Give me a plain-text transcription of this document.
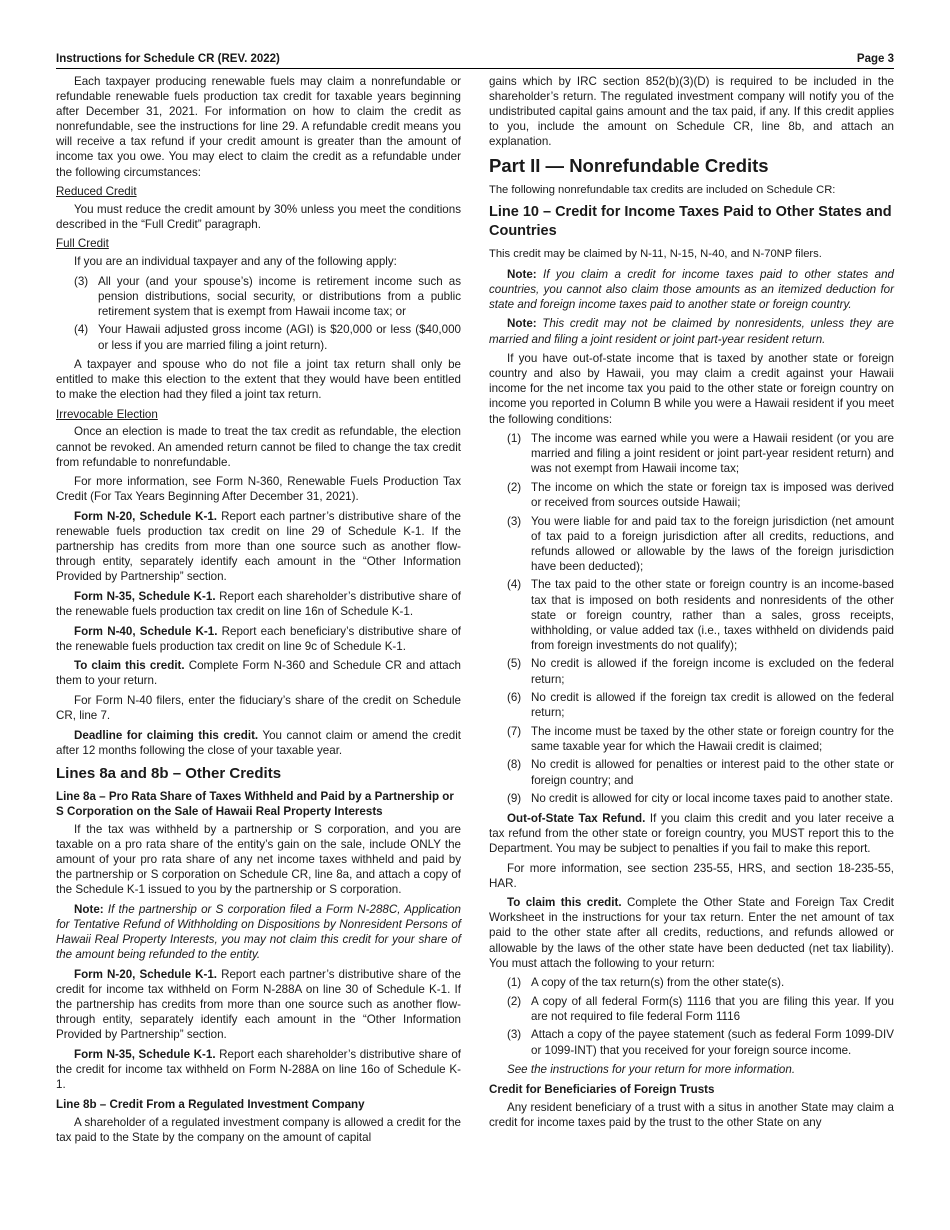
Instructions for Schedule CR (REV. 2022)	Page 3

Each taxpayer producing renewable fuels may claim a nonrefundable or refundable renewable fuels production tax credit for taxable years beginning after December 31, 2021. For information on how to claim the credit as nonrefundable, see the instructions for line 29. A refundable credit means you will receive a tax refund if your credit amount is greater than the amount of income tax you owe. You may elect to claim the credit as a refundable under the following circumstances:

Reduced Credit

You must reduce the credit amount by 30% unless you meet the conditions described in the “Full Credit” paragraph.

Full Credit

If you are an individual taxpayer and any of the following apply:

(3) All your (and your spouse’s) income is retirement income such as pension distributions, social security, or distributions from a public retirement system that is exempt from Hawaii income tax; or
(4) Your Hawaii adjusted gross income (AGI) is $20,000 or less ($40,000 or less if you are married filing a joint return).

A taxpayer and spouse who do not file a joint tax return shall only be entitled to make this election to the extent that they would have been entitled to make the election had they filed a joint tax return.

Irrevocable Election

Once an election is made to treat the tax credit as refundable, the election cannot be revoked. An amended return cannot be filed to change the tax credit from refundable to nonrefundable.

For more information, see Form N-360, Renewable Fuels Production Tax Credit (For Tax Years Beginning After December 31, 2021).

Form N-20, Schedule K-1. Report each partner’s distributive share of the renewable fuels production tax credit on line 29 of Schedule K-1. If the partnership has credits from more than one source such as another flow-through entity, separately identify each amount in the “Other Information Provided by Partnership” section.

Form N-35, Schedule K-1. Report each shareholder’s distributive share of the renewable fuels production tax credit on line 16n of Schedule K-1.

Form N-40, Schedule K-1. Report each beneficiary’s distributive share of the renewable fuels production tax credit on line 9c of Schedule K-1.

To claim this credit. Complete Form N-360 and Schedule CR and attach them to your return.

For Form N-40 filers, enter the fiduciary’s share of the credit on Schedule CR, line 7.

Deadline for claiming this credit. You cannot claim or amend the credit after 12 months following the close of your taxable year.

Lines 8a and 8b – Other Credits
Line 8a – Pro Rata Share of Taxes Withheld and Paid by a Partnership or S Corporation on the Sale of Hawaii Real Property Interests

If the tax was withheld by a partnership or S corporation, and you are taxable on a pro rata share of the entity’s gain on the sale, include ONLY the amount of your pro rata share of any net income taxes withheld and paid by the partnership or S corporation on Schedule CR, line 8a, and attach a copy of the Schedule K-1 issued to you by the partnership or S corporation.

Note: If the partnership or S corporation filed a Form N-288C, Application for Tentative Refund of Withholding on Dispositions by Nonresident Persons of Hawaii Real Property Interests, you may not claim this credit for your share of the amount being refunded to the entity.

Form N-20, Schedule K-1. Report each partner’s distributive share of the credit for income tax withheld on Form N-288A on line 30 of Schedule K-1. If the partnership has credits from more than one source such as another flow-through entity, separately identify each amount in the “Other Information Provided by Partnership” section.

Form N-35, Schedule K-1. Report each shareholder’s distributive share of the credit for income tax withheld on Form N-288A on line 16o of Schedule K-1.

Line 8b – Credit From a Regulated Investment Company

A shareholder of a regulated investment company is allowed a credit for the tax paid to the State by the company on the amount of capital

gains which by IRC section 852(b)(3)(D) is required to be included in the shareholder’s return. The regulated investment company will notify you of the undistributed capital gains amount and the tax paid, if any. If this credit applies to you, include the amount on Schedule CR, line 8b, and attach an explanation.

Part II — Nonrefundable Credits

The following nonrefundable tax credits are included on Schedule CR:

Line 10 – Credit for Income Taxes Paid to Other States and Countries

This credit may be claimed by N-11, N-15, N-40, and N-70NP filers.

Note: If you claim a credit for income taxes paid to other states and countries, you cannot also claim those amounts as an itemized deduction for state and foreign income taxes paid to another state or foreign country.

Note: This credit may not be claimed by nonresidents, unless they are married and filing a joint resident or joint part-year resident return.

If you have out-of-state income that is taxed by another state or foreign country and also by Hawaii, you may claim a credit against your Hawaii income for the net income tax you paid to the other state or foreign country on income you reported in Column B while you were a Hawaii resident if you meet the following conditions:

(1) The income was earned while you were a Hawaii resident (or you are married and filing a joint resident or joint part-year resident return) and was not exempt from Hawaii income tax;
(2) The income on which the state or foreign tax is imposed was derived or received from sources outside Hawaii;
(3) You were liable for and paid tax to the foreign jurisdiction (net amount of tax paid to a foreign jurisdiction after all credits, reductions, and refunds allowed or allowable by the laws of the foreign jurisdiction have been deducted);
(4) The tax paid to the other state or foreign country is an income-based tax that is imposed on both residents and nonresidents of the other state or foreign country, rather than a sales, gross receipts, withholding, or value added tax (i.e., taxes withheld on dividends paid from foreign investments do not qualify);
(5) No credit is allowed if the foreign income is excluded on the federal return;
(6) No credit is allowed if the foreign tax credit is allowed on the federal return;
(7) The income must be taxed by the other state or foreign country for the same taxable year for which the Hawaii credit is claimed;
(8) No credit is allowed for penalties or interest paid to the other state or foreign country; and
(9) No credit is allowed for city or local income taxes paid to another state.

Out-of-State Tax Refund. If you claim this credit and you later receive a tax refund from the other state or foreign country, you MUST report this to the Department. You may be subject to penalties if you fail to make this report.

For more information, see section 235-55, HRS, and section 18-235-55, HAR.

To claim this credit. Complete the Other State and Foreign Tax Credit Worksheet in the instructions for your tax return. Enter the net amount of tax paid to the other state after all credits, reductions, and refunds allowed or allowable by the laws of the other state have been deducted (net tax liability). You must attach the following to your return:

(1) A copy of the tax return(s) from the other state(s).
(2) A copy of all federal Form(s) 1116 that you are filing this year. If you are not required to file federal Form 1116
(3) Attach a copy of the payee statement (such as federal Form 1099-DIV or 1099-INT) that you received for your foreign source income.

See the instructions for your return for more information.

Credit for Beneficiaries of Foreign Trusts

Any resident beneficiary of a trust with a situs in another State may claim a credit for income taxes paid by the trust to the other State on any
